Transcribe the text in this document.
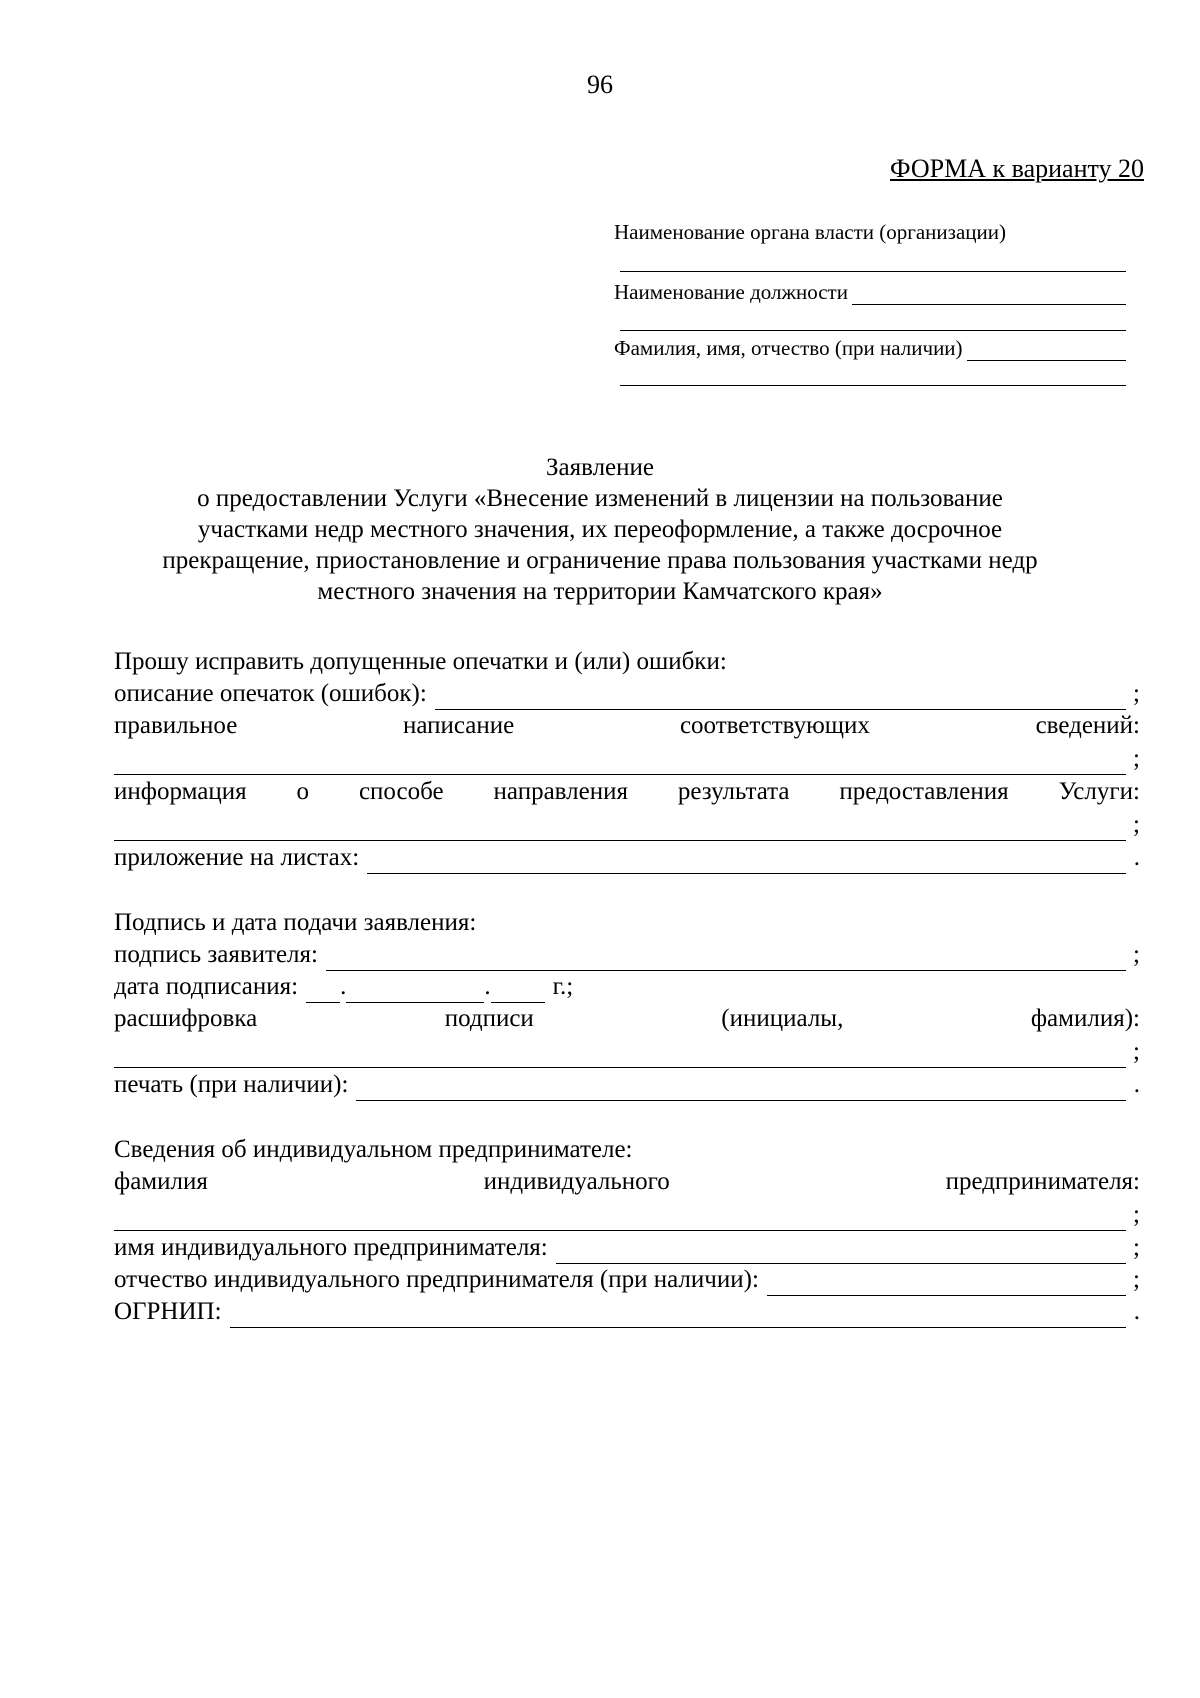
96
ФОРМА к варианту 20
Наименование органа власти (организации)
Наименование должности
Фамилия, имя, отчество (при наличии)
Заявление
о предоставлении Услуги «Внесение изменений в лицензии на пользование
участками недр местного значения, их переоформление, а также досрочное
прекращение, приостановление и ограничение права пользования участками недр
местного значения на территории Камчатского края»
Прошу исправить допущенные опечатки и (или) ошибки:
описание опечаток (ошибок):	;
правильное	написание	соответствующих	сведений:
;
информация о способе направления результата предоставления Услуги:
;
приложение на листах:	.
Подпись и дата подачи заявления:
подпись заявителя:	;
дата подписания: .	. г.;
расшифровка	подписи	(инициалы,	фамилия):
;
печать (при наличии):	.
Сведения об индивидуальном предпринимателе:
фамилия	индивидуального	предпринимателя:
;
имя индивидуального предпринимателя:	;
отчество индивидуального предпринимателя (при наличии):	;
ОГРНИП:	.
